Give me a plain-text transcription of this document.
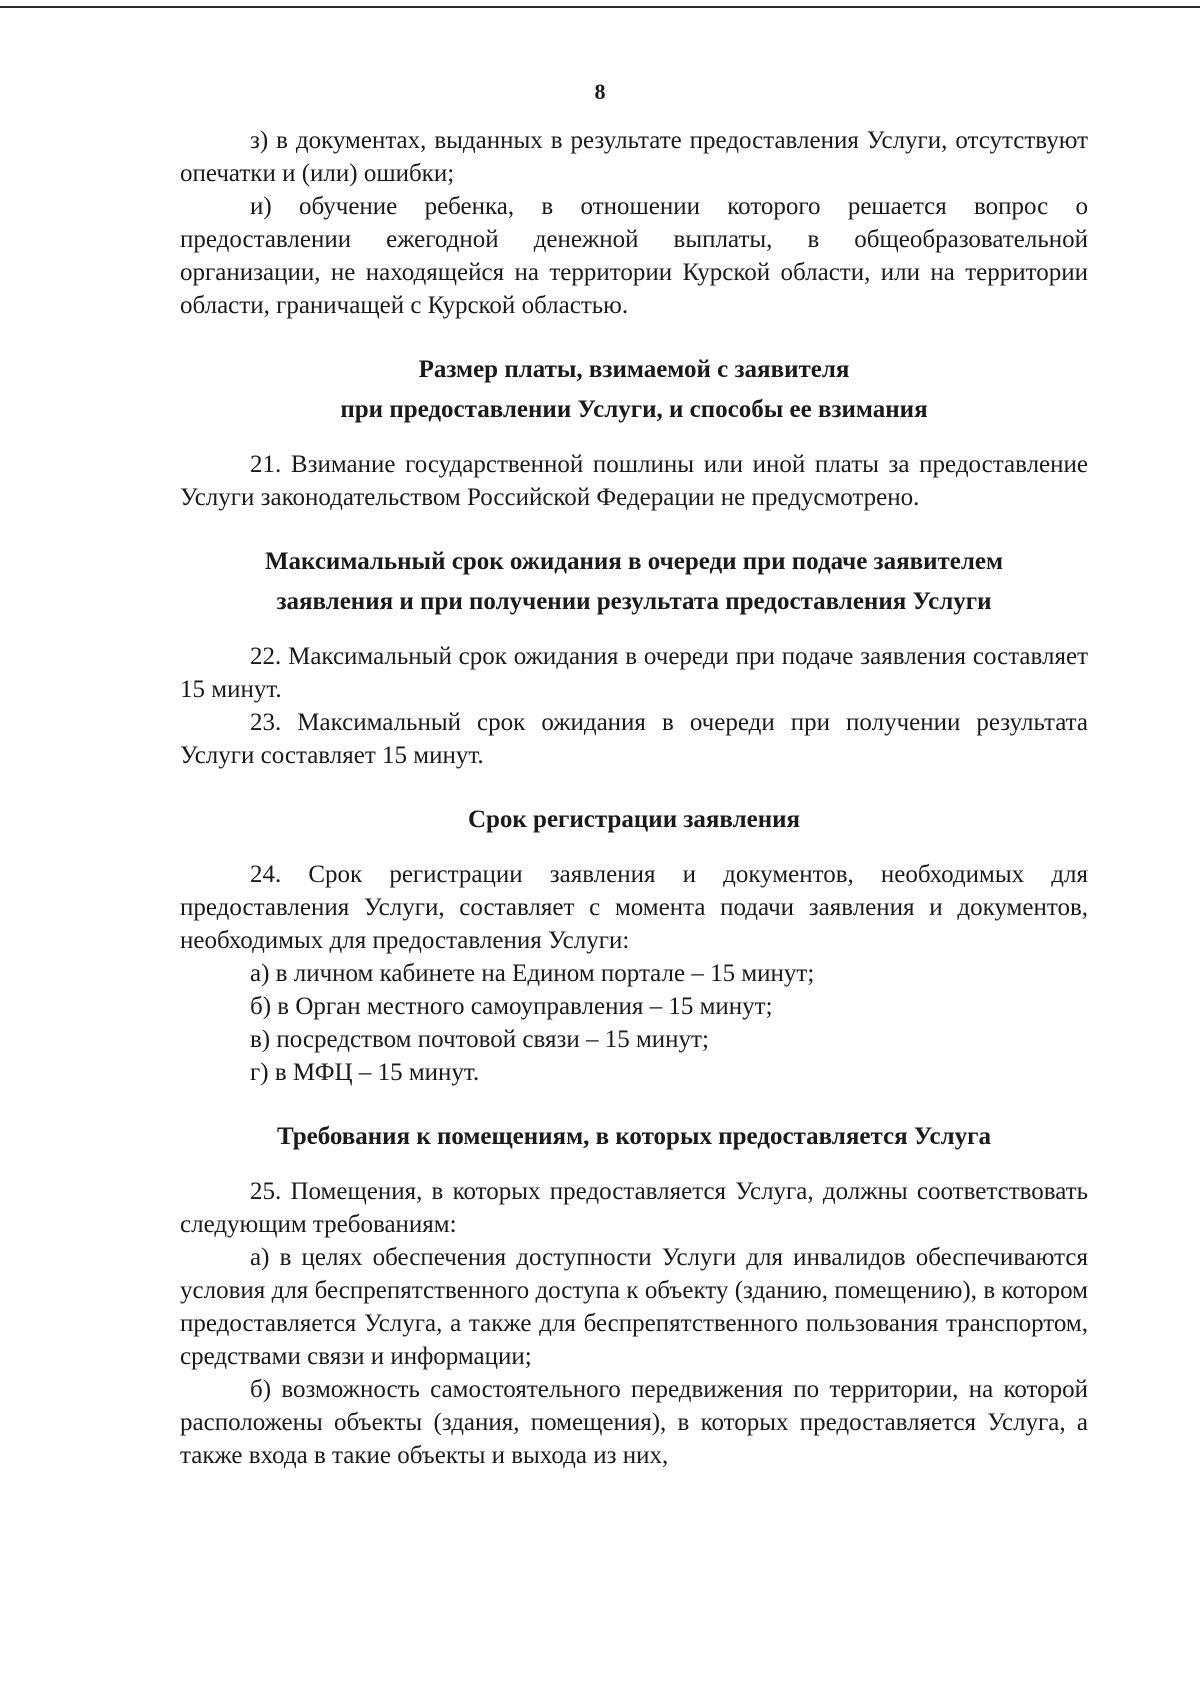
8

з) в документах, выданных в результате предоставления Услуги, отсутствуют опечатки и (или) ошибки;

и) обучение ребенка, в отношении которого решается вопрос о предоставлении ежегодной денежной выплаты, в общеобразовательной организации, не находящейся на территории Курской области, или на территории области, граничащей с Курской областью.

Размер платы, взимаемой с заявителя
при предоставлении Услуги, и способы ее взимания

21. Взимание государственной пошлины или иной платы за предоставление Услуги законодательством Российской Федерации не предусмотрено.

Максимальный срок ожидания в очереди при подаче заявителем
заявления и при получении результата предоставления Услуги

22. Максимальный срок ожидания в очереди при подаче заявления составляет 15 минут.

23. Максимальный срок ожидания в очереди при получении результата Услуги составляет 15 минут.

Срок регистрации заявления

24. Срок регистрации заявления и документов, необходимых для предоставления Услуги, составляет с момента подачи заявления и документов, необходимых для предоставления Услуги:

а) в личном кабинете на Едином портале – 15 минут;

б) в Орган местного самоуправления – 15 минут;

в) посредством почтовой связи – 15 минут;

г) в МФЦ – 15 минут.

Требования к помещениям, в которых предоставляется Услуга

25. Помещения, в которых предоставляется Услуга, должны соответствовать следующим требованиям:

а) в целях обеспечения доступности Услуги для инвалидов обеспечиваются условия для беспрепятственного доступа к объекту (зданию, помещению), в котором предоставляется Услуга, а также для беспрепятственного пользования транспортом, средствами связи и информации;

б) возможность самостоятельного передвижения по территории, на которой расположены объекты (здания, помещения), в которых предоставляется Услуга, а также входа в такие объекты и выхода из них,
